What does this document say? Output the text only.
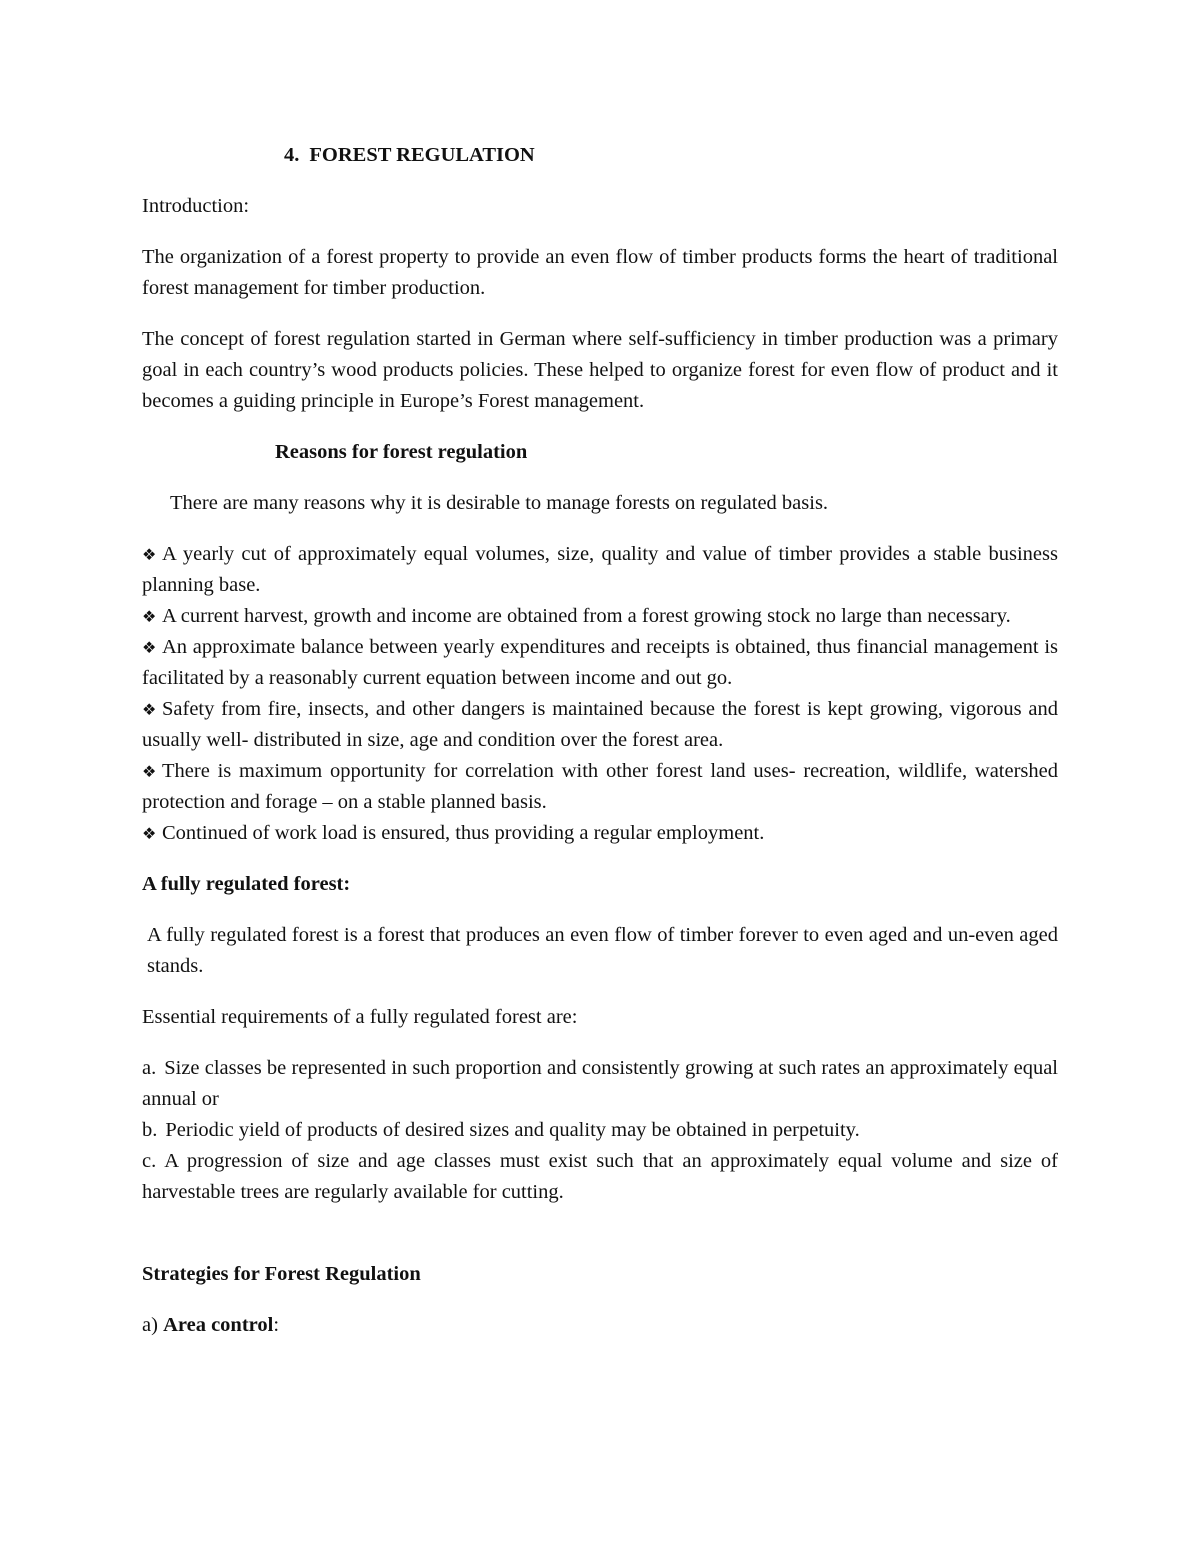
4. FOREST REGULATION

Introduction:

The organization of a forest property to provide an even flow of timber products forms the heart of traditional forest management for timber production.

The concept of forest regulation started in German where self-sufficiency in timber production was a primary goal in each country’s wood products policies. These helped to organize forest for even flow of product and it becomes a guiding principle in Europe’s Forest management.

Reasons for forest regulation

There are many reasons why it is desirable to manage forests on regulated basis.

❖ A yearly cut of approximately equal volumes, size, quality and value of timber provides a stable business planning base.
❖ A current harvest, growth and income are obtained from a forest growing stock no large than necessary.
❖ An approximate balance between yearly expenditures and receipts is obtained, thus financial management is facilitated by a reasonably current equation between income and out go.
❖ Safety from fire, insects, and other dangers is maintained because the forest is kept growing, vigorous and usually well- distributed in size, age and condition over the forest area.
❖ There is maximum opportunity for correlation with other forest land uses- recreation, wildlife, watershed protection and forage – on a stable planned basis.
❖ Continued of work load is ensured, thus providing a regular employment.

A fully regulated forest:

A fully regulated forest is a forest that produces an even flow of timber forever to even aged and un-even aged stands.

Essential requirements of a fully regulated forest are:

a. Size classes be represented in such proportion and consistently growing at such rates an approximately equal annual or
b. Periodic yield of products of desired sizes and quality may be obtained in perpetuity.
c. A progression of size and age classes must exist such that an approximately equal volume and size of harvestable trees are regularly available for cutting.

Strategies for Forest Regulation

a) Area control:
